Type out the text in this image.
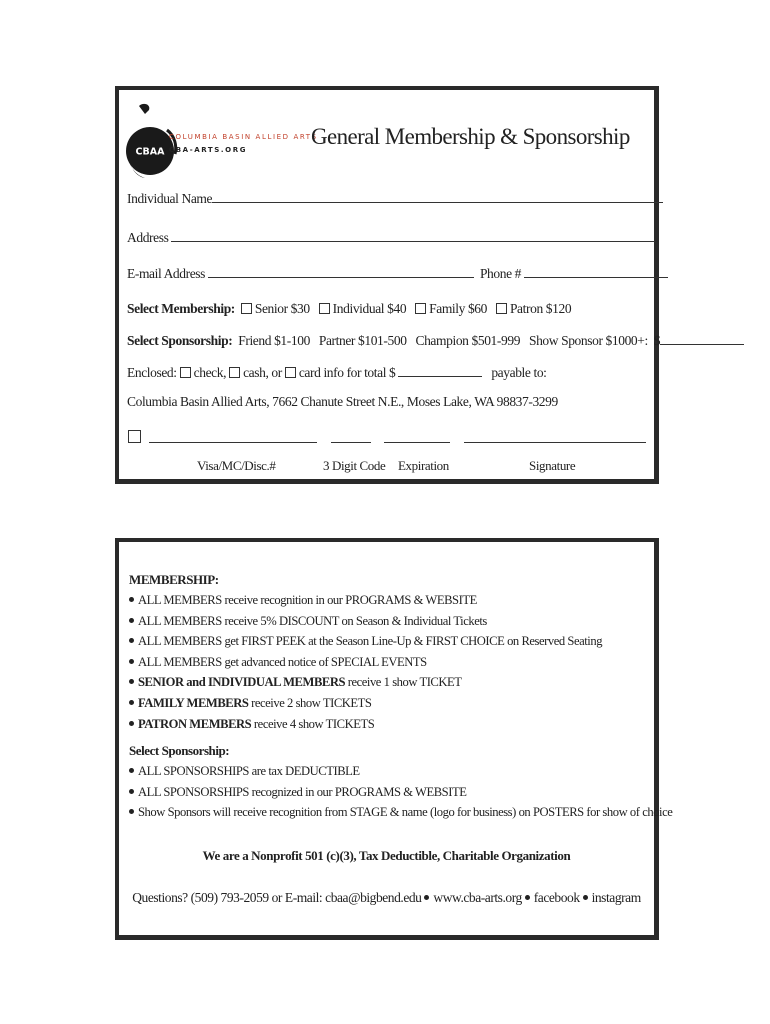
CBAA
COLUMBIA BASIN ALLIED ARTS
CBA-ARTS.ORG
General Membership & Sponsorship
Individual Name
Address
E-mail Address	Phone #
Select Membership: Senior $30 Individual $40 Family $60 Patron $120
Select Sponsorship: Friend $1-100   Partner $101-500   Champion $501-999   Show Sponsor $1000+:  $
Enclosed: check, cash, or card info for total $	payable to:
Columbia Basin Allied Arts, 7662 Chanute Street N.E., Moses Lake, WA 98837-3299
Visa/MC/Disc.#	3 Digit Code Expiration	Signature
MEMBERSHIP:
ALL MEMBERS receive recognition in our PROGRAMS & WEBSITE
ALL MEMBERS receive 5% DISCOUNT on Season & Individual Tickets
ALL MEMBERS get FIRST PEEK at the Season Line-Up & FIRST CHOICE on Reserved Seating
ALL MEMBERS get advanced notice of SPECIAL EVENTS
SENIOR and INDIVIDUAL MEMBERS receive 1 show TICKET
FAMILY MEMBERS receive 2 show TICKETS
PATRON MEMBERS receive 4 show TICKETS
Select Sponsorship:
ALL SPONSORSHIPS are tax DEDUCTIBLE
ALL SPONSORSHIPS recognized in our PROGRAMS & WEBSITE
Show Sponsors will receive recognition from STAGE & name (logo for business) on POSTERS for show of choice
We are a Nonprofit 501 (c)(3), Tax Deductible, Charitable Organization
Questions? (509) 793-2059 or E-mail: cbaa@bigbend.edu www.cba-arts.org facebook instagram
